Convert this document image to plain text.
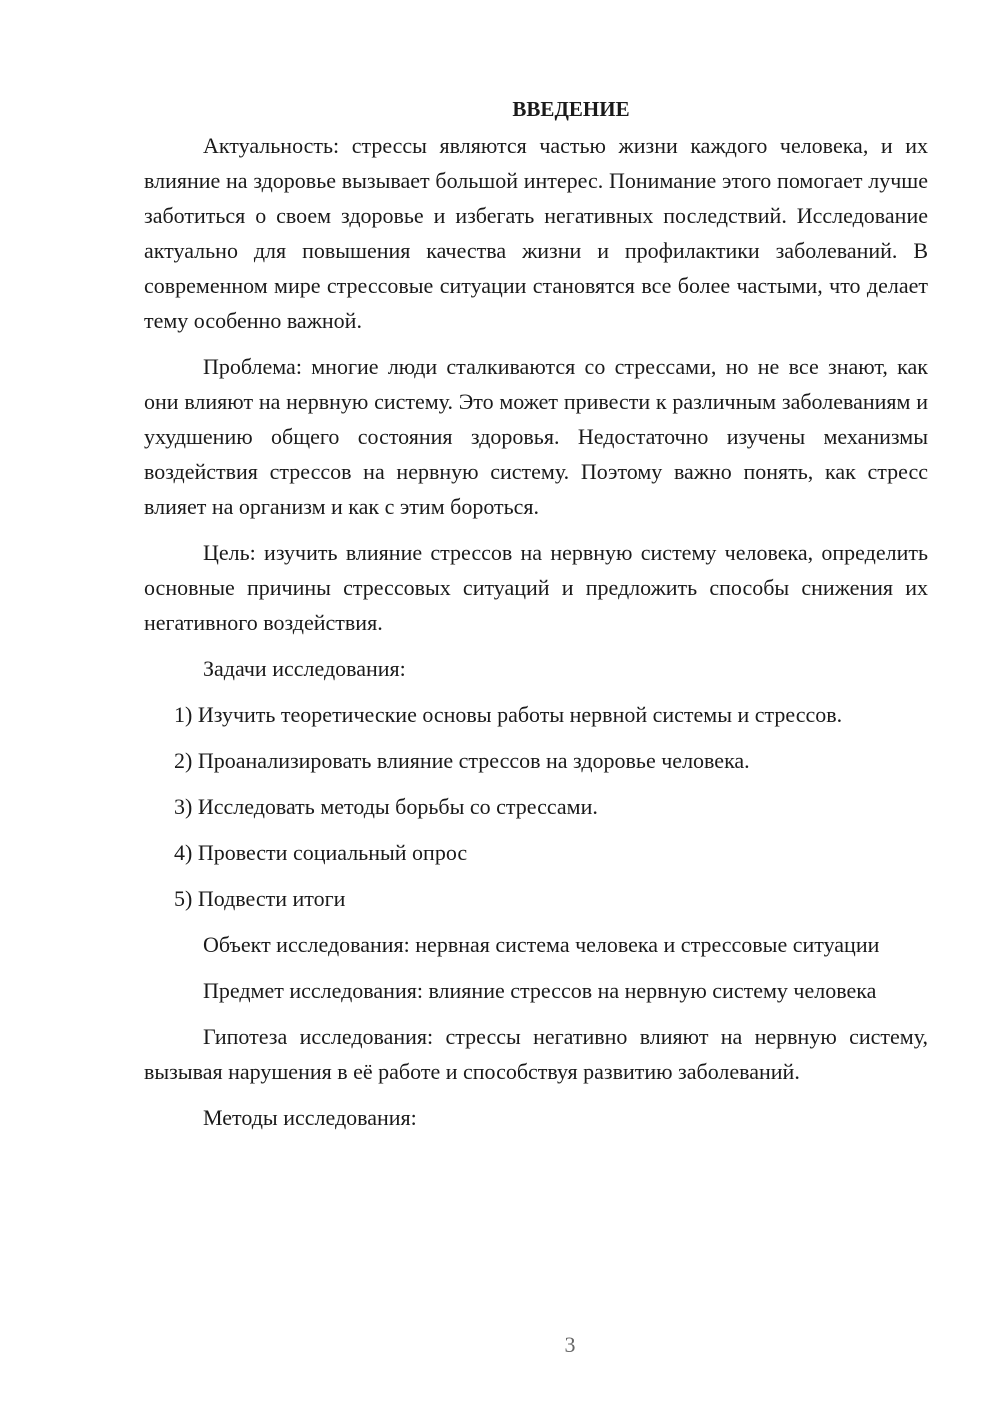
ВВЕДЕНИЕ

Актуальность: стрессы являются частью жизни каждого человека, и их влияние на здоровье вызывает большой интерес. Понимание этого помогает лучше заботиться о своем здоровье и избегать негативных последствий. Исследование актуально для повышения качества жизни и профилактики заболеваний. В современном мире стрессовые ситуации становятся все более частыми, что делает тему особенно важной.

Проблема: многие люди сталкиваются со стрессами, но не все знают, как они влияют на нервную систему. Это может привести к различным заболеваниям и ухудшению общего состояния здоровья. Недостаточно изучены механизмы воздействия стрессов на нервную систему. Поэтому важно понять, как стресс влияет на организм и как с этим бороться.

Цель: изучить влияние стрессов на нервную систему человека, определить основные причины стрессовых ситуаций и предложить способы снижения их негативного воздействия.

Задачи исследования:

1) Изучить теоретические основы работы нервной системы и стрессов.

2) Проанализировать влияние стрессов на здоровье человека.

3) Исследовать методы борьбы со стрессами.

4) Провести социальный опрос

5) Подвести итоги

Объект исследования: нервная система человека и стрессовые ситуации

Предмет исследования: влияние стрессов на нервную систему человека

Гипотеза исследования: стрессы негативно влияют на нервную систему, вызывая нарушения в её работе и способствуя развитию заболеваний.

Методы исследования:

3
